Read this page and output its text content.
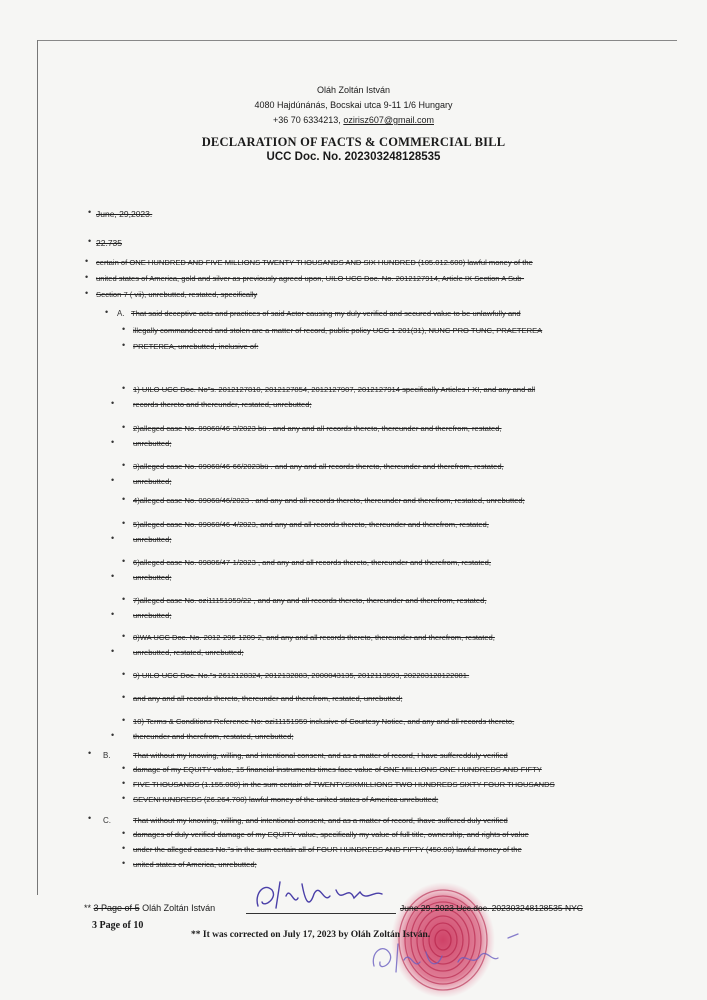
Oláh Zoltán István
4080 Hajdúnánás, Bocskai utca 9-11 1/6 Hungary
+36 70 6334213, ozirisz607@gmail.com
DECLARATION OF FACTS & COMMERCIAL BILL
UCC Doc. No. 202303248128535
• June, 29,2023.
• 22.735
• certain of ONE HUNDRED AND FIVE MILLIONS TWENTY THOUSANDS AND SIX HUNDRED (105.012.600) lawful money of the
• united states of America, gold and silver as previously agreed upon, UILO UCC Doc. No. 2012127914, Article IX Section A Sub-
• Section 7 ( vii), unrebutted, restated, specifically
• A. That said deceptive acts and practices of said Actor causing my duly verified and secured value to be unlawfully and
• illegally commandeered and stolen are a matter of record, public policy UCC 1-201(31), NUNC PRO TUNC, PRAETEREA
• PRETEREA, unrebutted, inclusive of:
• 1) UILO UCC Doc. No"s. 2012127810, 2012127854, 2012127907, 2012127914 specifically Articles I-XI, and any and all
• records thereto and thereunder, restated, unrebutted;
• 2)alleged case No. 09060/46-3/2023 bü . and any and all records thereto, thereunder and therefrom, restated,
• unrebutted;
• 3)alleged case No. 09060/46-66/2023bü . and any and all records thereto, thereunder and therefrom, restated,
• unrebutted;
• 4)alleged case No. 09060/46/2023 . and any and all records thereto, thereunder and therefrom, restated, unrebutted;
• 5)alleged case No. 09060/46-4/2023, and any and all records thereto, thereunder and therefrom, restated,
• unrebutted;
• 6)alleged case No. 09806/47-1/2023 , and any and all records thereto, thereunder and therefrom, restated,
• unrebutted;
• 7)alleged case No. ozi11151959/22 , and any and all records thereto, thereunder and therefrom, restated,
• unrebutted;
• 8)WA UCC Doc. No. 2012-296-1209-2, and any and all records thereto, thereunder and therefrom, restated,
• unrebutted, restated, unrebutted;
• 9) UILO UCC Doc. No."s 2612128324, 2012132883, 2000043135, 2012113593, 202203128122081.
• and any and all records thereto, thereunder and therefrom, restated, unrebutted;
• 10) Terms & Conditions Reference No: ozi11151959 inclusive of Courtesy Notice, and any and all records thereto,
• thereunder and therefrom, restated, unrebutted;
• B.	That without my knowing, willing, and intentional consent, and as a matter of record, I have sufferedduly verified
• damage of my EQUITY value, 15 financial instruments times face value of ONE MILLIONS ONE HUNDREDS AND FIFTY
• FIVE THOUSANDS (1.155.000) in the sum certain of TWENTYSIXMILLIONS TWO HUNDREDS SIXTY FOUR THOUSANDS
• SEVENHUNDREDS (26.264.700) lawful money of the united states of America unrebutted;
• C.	That without my knowing, willing, and intentional consent, and as a matter of record, Ihave suffered duly verified
• damages of duly verified damage of my EQUITY value, specifically my value of full title, ownership, and rights of value
• under the alleged cases No."s in the sum certain all of FOUR HUNDREDS AND FIFTY (450.00) lawful money of the
• united states of America, unrebutted;
** 3 Page of 5 Oláh Zoltán István	June 29, 2023 Ucc.doc. 202303248128535 NYC
3 Page of 10
** It was corrected on July 17, 2023 by Oláh Zoltán István.
